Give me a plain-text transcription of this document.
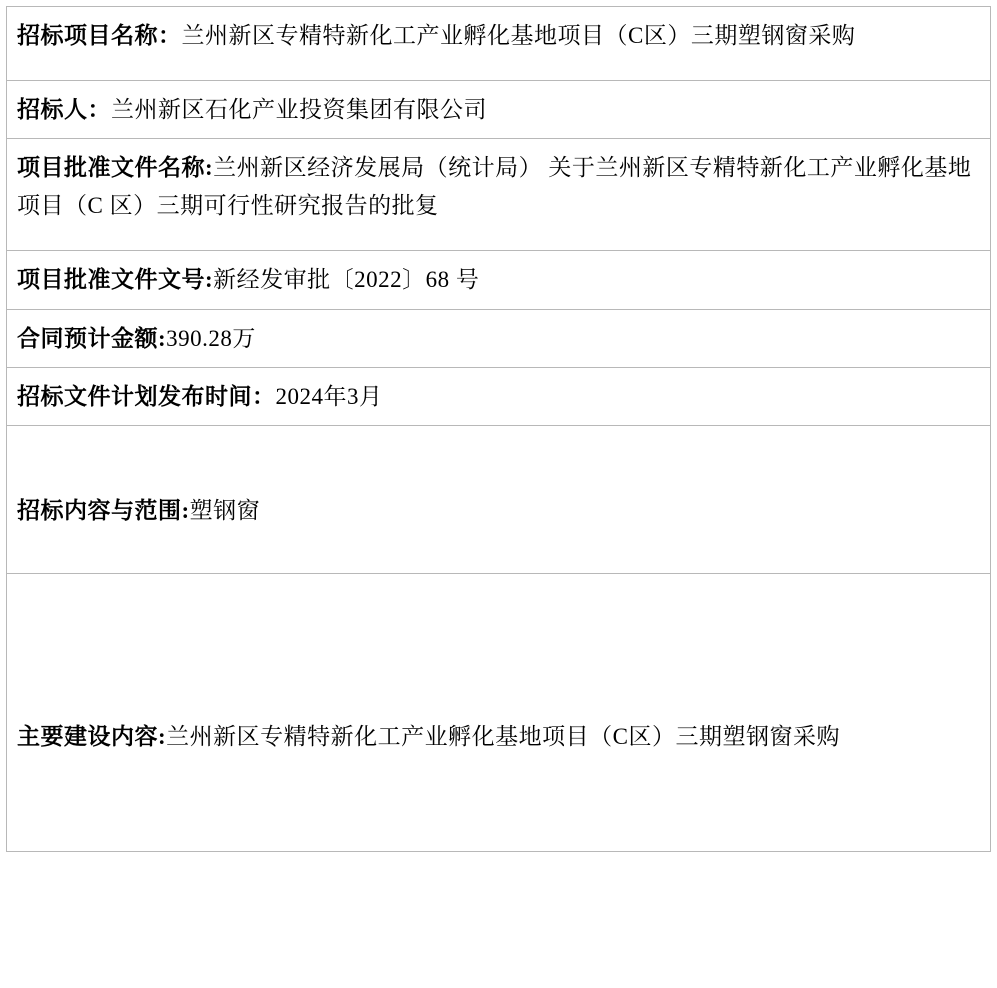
招标项目名称：兰州新区专精特新化工产业孵化基地项目（C区）三期塑钢窗采购
招标人：兰州新区石化产业投资集团有限公司
项目批准文件名称:兰州新区经济发展局（统计局） 关于兰州新区专精特新化工产业孵化基地项目（C 区）三期可行性研究报告的批复
项目批准文件文号:新经发审批〔2022〕68 号
合同预计金额:390.28万
招标文件计划发布时间：2024年3月
招标内容与范围:塑钢窗
主要建设内容:兰州新区专精特新化工产业孵化基地项目（C区）三期塑钢窗采购
